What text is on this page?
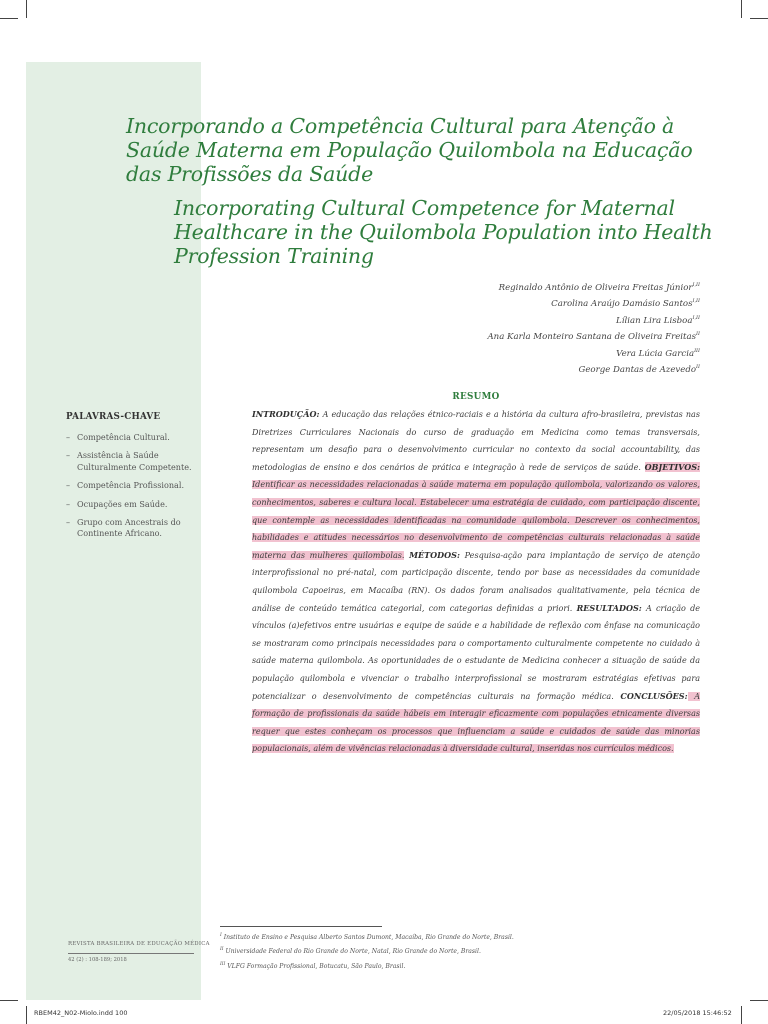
Incorporando a Competência Cultural para Atenção à Saúde Materna em População Quilombola na Educação das Profissões da Saúde
Incorporating Cultural Competence for Maternal Healthcare in the Quilombola Population into Health Profession Training
Reginaldo Antônio de Oliveira Freitas Júnior$^{I,II}$
Carolina Araújo Damásio Santos$^{I,II}$
Lílian Lira Lisboa$^{I,II}$
Ana Karla Monteiro Santana de Oliveira Freitas$^{II}$
Vera Lúcia Garcia$^{III}$
George Dantas de Azevedo$^{II}$
RESUMO
INTRODUÇÃO: A educação das relações étnico-raciais e a história da cultura afro-brasileira, previstas nas Diretrizes Curriculares Nacionais do curso de graduação em Medicina como temas transversais, representam um desafio para o desenvolvimento curricular no contexto da social accountability, das metodologias de ensino e dos cenários de prática e integração à rede de serviços de saúde. OBJETIVOS: Identificar as necessidades relacionadas à saúde materna em população quilombola, valorizando os valores, conhecimentos, saberes e cultura local. Estabelecer uma estratégia de cuidado, com participação discente, que contemple as necessidades identificadas na comunidade quilombola. Descrever os conhecimentos, habilidades e atitudes necessários no desenvolvimento de competências culturais relacionadas à saúde materna das mulheres quilombolas. MÉTODOS: Pesquisa-ação para implantação de serviço de atenção interprofissional no pré-natal, com participação discente, tendo por base as necessidades da comunidade quilombola Capoeiras, em Macaíba (RN). Os dados foram analisados qualitativamente, pela técnica de análise de conteúdo temática categorial, com categorias definidas a priori. RESULTADOS: A criação de vínculos (a)efetivos entre usuárias e equipe de saúde e a habilidade de reflexão com ênfase na comunicação se mostraram como principais necessidades para o comportamento culturalmente competente no cuidado à saúde materna quilombola. As oportunidades de o estudante de Medicina conhecer a situação de saúde da população quilombola e vivenciar o trabalho interprofissional se mostraram estratégias efetivas para potencializar o desenvolvimento de competências culturais na formação médica. CONCLUSÕES: A formação de profissionais da saúde hábeis em interagir eficazmente com populações etnicamente diversas requer que estes conheçam os processos que influenciam a saúde e cuidados de saúde das minorias populacionais, além de vivências relacionadas à diversidade cultural, inseridas nos currículos médicos.
PALAVRAS-CHAVE
– Competência Cultural.
– Assistência à Saúde Culturalmente Competente.
– Competência Profissional.
– Ocupações em Saúde.
– Grupo com Ancestrais do Continente Africano.
$^I$ Instituto de Ensino e Pesquisa Alberto Santos Dumont, Macaíba, Rio Grande do Norte, Brasil.
$^{II}$ Universidade Federal do Rio Grande do Norte, Natal, Rio Grande do Norte, Brasil.
$^{III}$ VLFG Formação Profissional, Botucatu, São Paulo, Brasil.
REVISTA BRASILEIRA DE EDUCAÇÃO MÉDICA
42 (2) : 108-189; 2018
RBEM42_N02-Miolo.indd 100	22/05/2018 15:46:52
